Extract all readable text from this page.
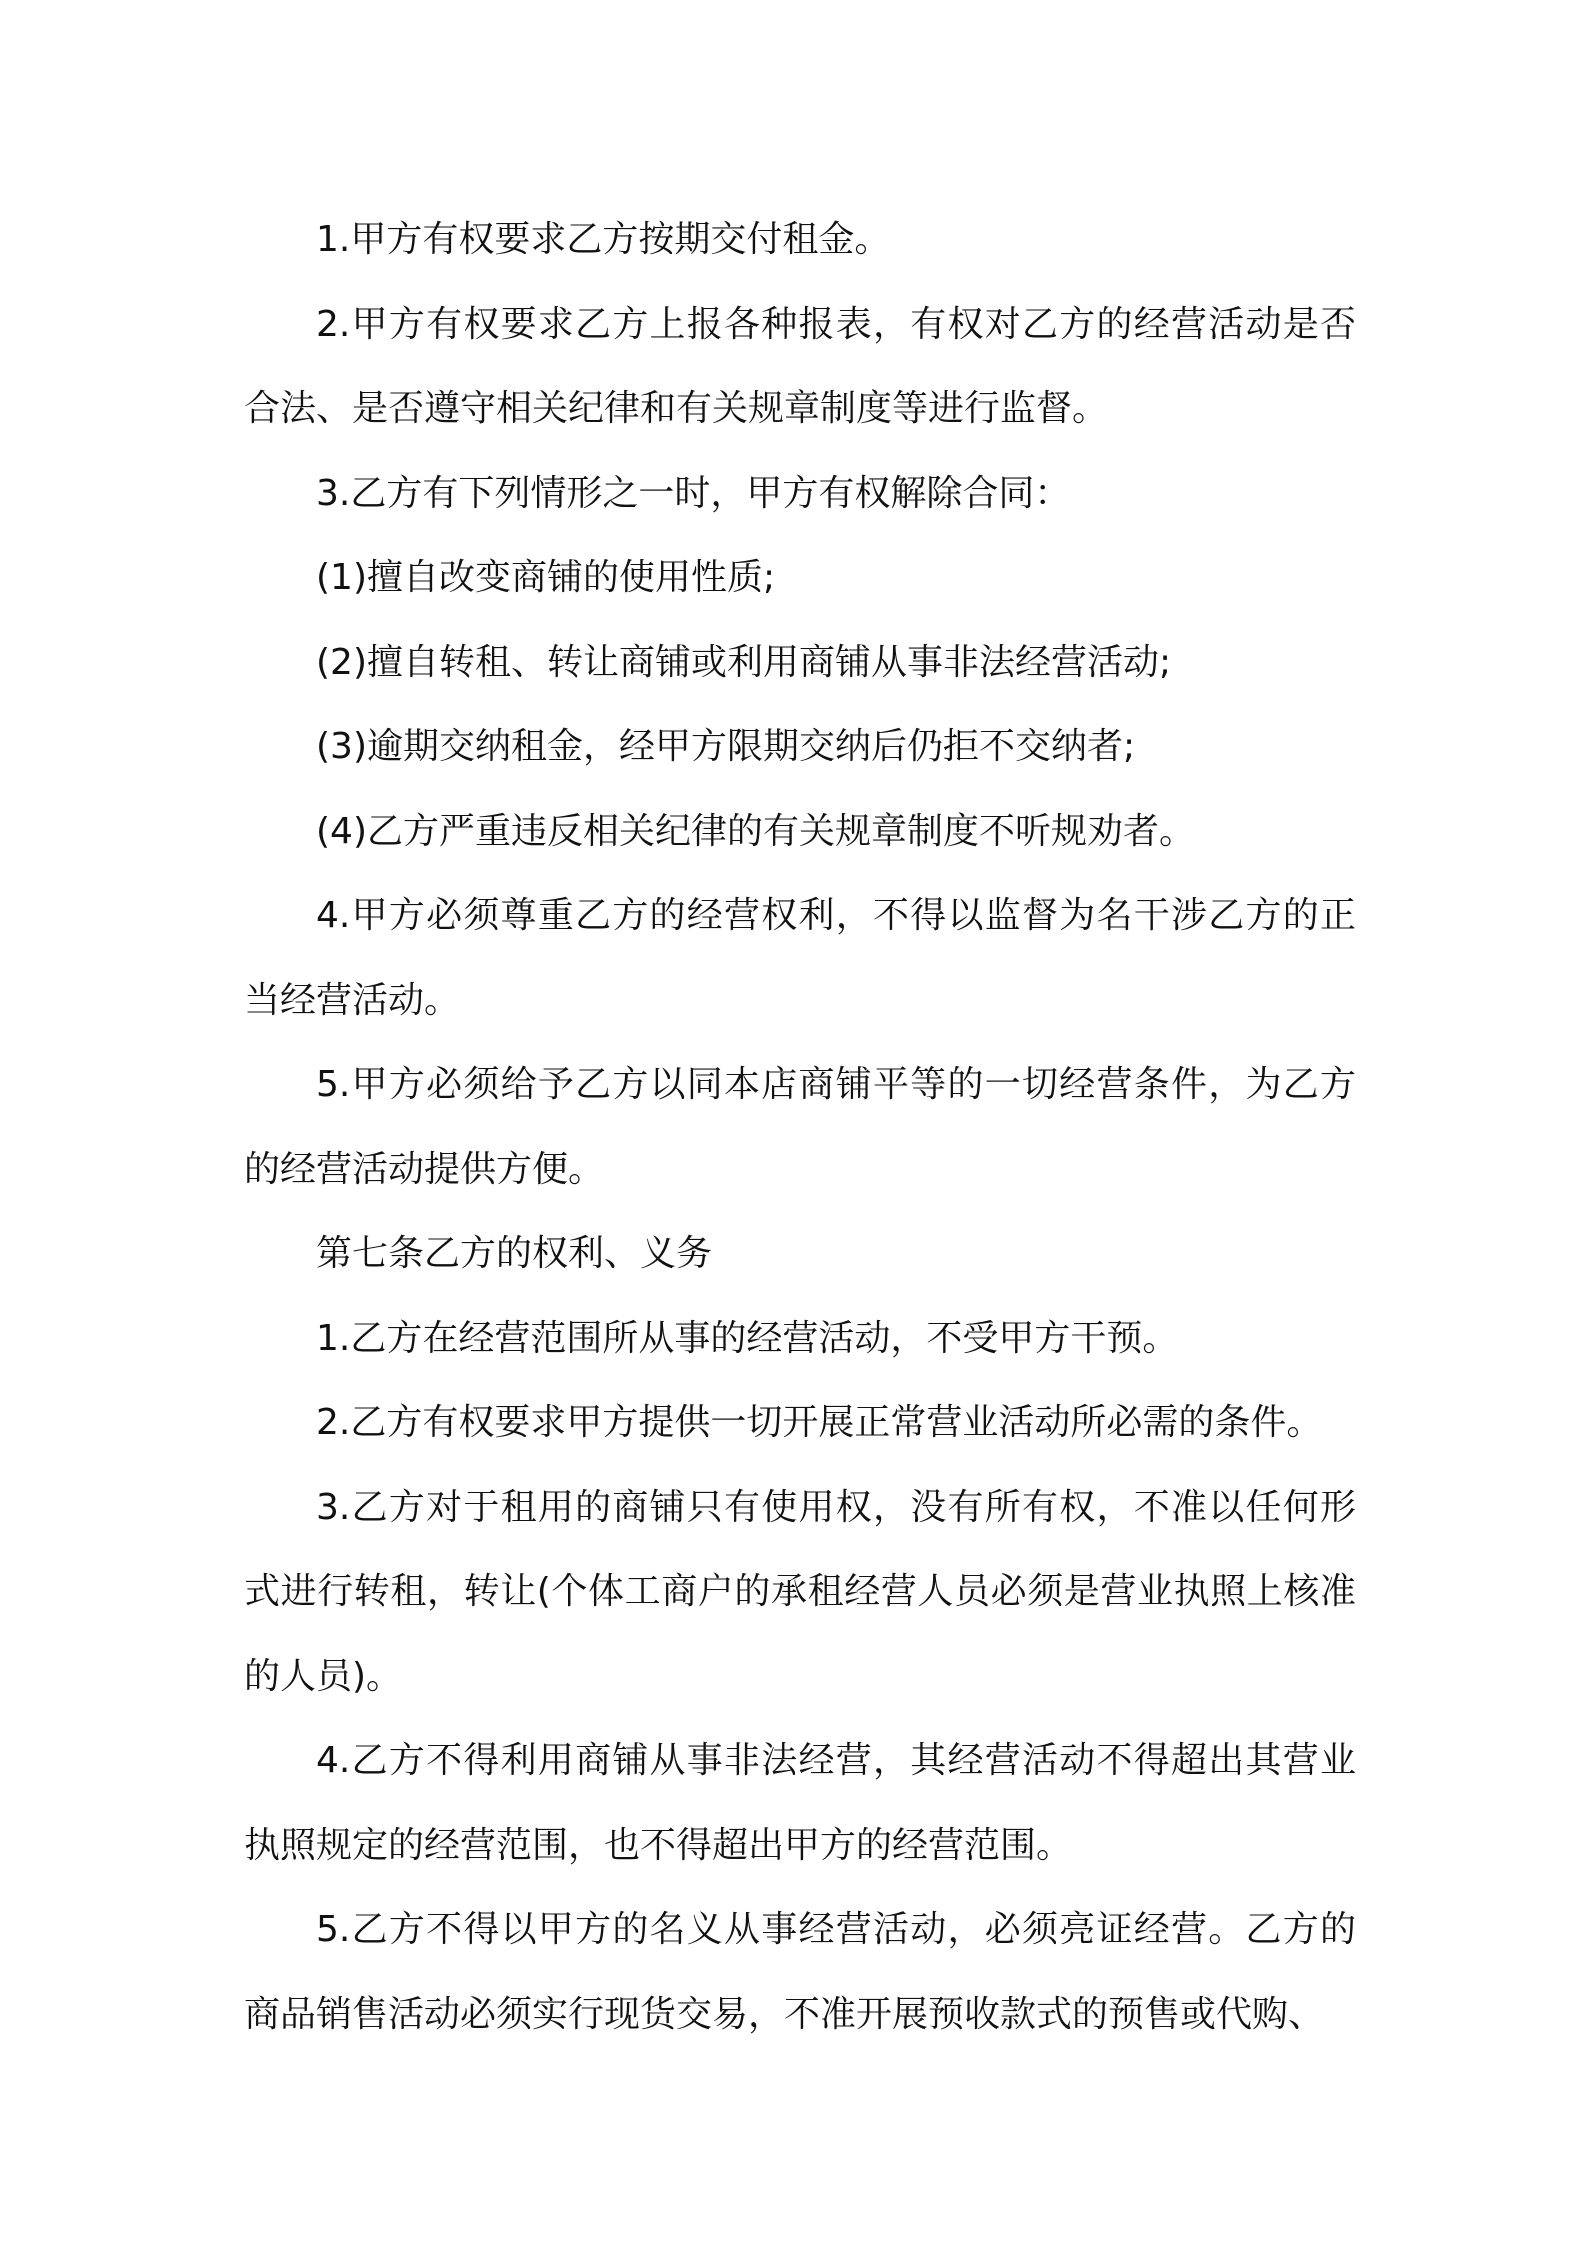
1.甲方有权要求乙方按期交付租金。

2.甲方有权要求乙方上报各种报表，有权对乙方的经营活动是否合法、是否遵守相关纪律和有关规章制度等进行监督。

3.乙方有下列情形之一时，甲方有权解除合同：

(1)擅自改变商铺的使用性质;

(2)擅自转租、转让商铺或利用商铺从事非法经营活动;

(3)逾期交纳租金，经甲方限期交纳后仍拒不交纳者;

(4)乙方严重违反相关纪律的有关规章制度不听规劝者。

4.甲方必须尊重乙方的经营权利，不得以监督为名干涉乙方的正当经营活动。

5.甲方必须给予乙方以同本店商铺平等的一切经营条件，为乙方的经营活动提供方便。

第七条乙方的权利、义务

1.乙方在经营范围所从事的经营活动，不受甲方干预。

2.乙方有权要求甲方提供一切开展正常营业活动所必需的条件。

3.乙方对于租用的商铺只有使用权，没有所有权，不准以任何形式进行转租，转让(个体工商户的承租经营人员必须是营业执照上核准的人员)。

4.乙方不得利用商铺从事非法经营，其经营活动不得超出其营业执照规定的经营范围，也不得超出甲方的经营范围。

5.乙方不得以甲方的名义从事经营活动，必须亮证经营。乙方的商品销售活动必须实行现货交易，不准开展预收款式的预售或代购、
